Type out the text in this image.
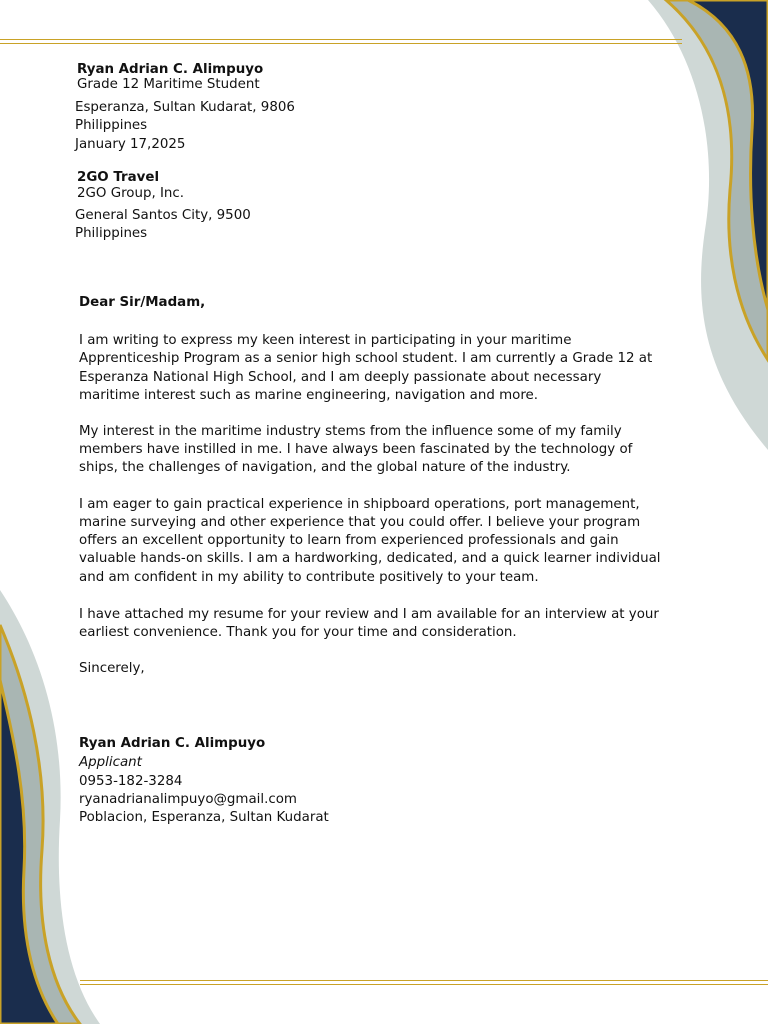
Ryan Adrian C. Alimpuyo
Grade 12 Maritime Student
Esperanza, Sultan Kudarat, 9806
Philippines
January 17,2025
2GO Travel
2GO Group, Inc.
General Santos City, 9500
Philippines
Dear Sir/Madam,
I am writing to express my keen interest in participating in your maritime
Apprenticeship Program as a senior high school student. I am currently a Grade 12 at
Esperanza National High School, and I am deeply passionate about necessary
maritime interest such as marine engineering, navigation and more.
My interest in the maritime industry stems from the influence some of my family
members have instilled in me. I have always been fascinated by the technology of
ships, the challenges of navigation, and the global nature of the industry.
I am eager to gain practical experience in shipboard operations, port management,
marine surveying and other experience that you could offer. I believe your program
offers an excellent opportunity to learn from experienced professionals and gain
valuable hands-on skills. I am a hardworking, dedicated, and a quick learner individual
and am confident in my ability to contribute positively to your team.
I have attached my resume for your review and I am available for an interview at your
earliest convenience. Thank you for your time and consideration.
Sincerely,
Ryan Adrian C. Alimpuyo
Applicant
0953-182-3284
ryanadrianalimpuyo@gmail.com
Poblacion, Esperanza, Sultan Kudarat
